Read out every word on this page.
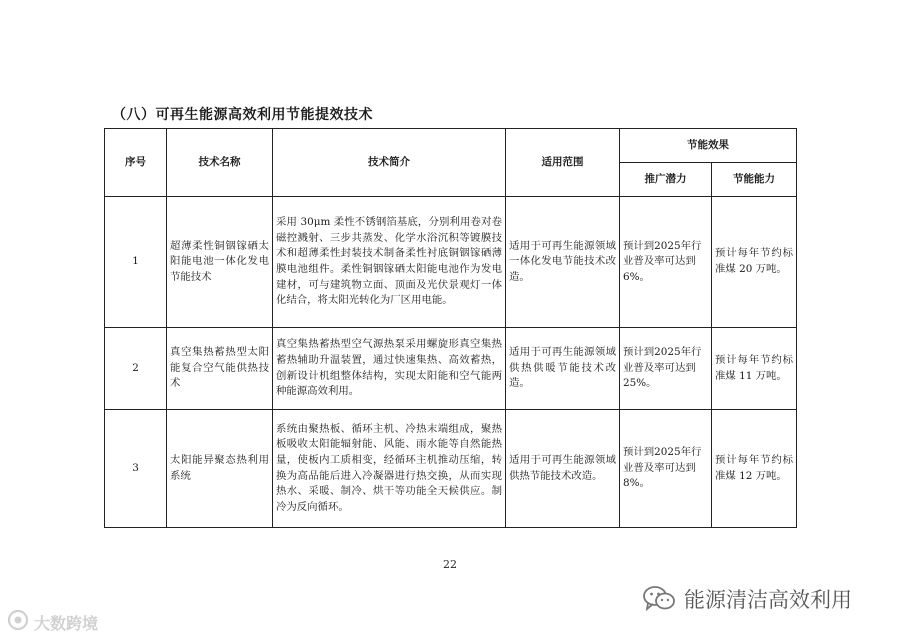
（八）可再生能源高效利用节能提效技术
序号	技术名称	技术简介	适用范围	节能效果	
				推广潜力	节能能力
1	超薄柔性铜铟镓硒太阳能电池一体化发电节能技术	采用 30μm 柔性不锈钢箔基底，分别利用卷对卷磁控溅射、三步共蒸发、化学水浴沉积等镀膜技术和超薄柔性封装技术制备柔性衬底铜铟镓硒薄膜电池组件。柔性铜铟镓硒太阳能电池作为发电建材，可与建筑物立面、顶面及光伏景观灯一体化结合，将太阳光转化为厂区用电能。	适用于可再生能源领域一体化发电节能技术改造。	预计到2025年行业普及率可达到6%。	预计每年节约标准煤 20 万吨。
2	真空集热蓄热型太阳能复合空气能供热技术	真空集热蓄热型空气源热泵采用螺旋形真空集热蓄热辅助升温装置，通过快速集热、高效蓄热，创新设计机组整体结构，实现太阳能和空气能两种能源高效利用。	适用于可再生能源领域供热供暖节能技术改造。	预计到2025年行业普及率可达到25%。	预计每年节约标准煤 11 万吨。
3	太阳能异聚态热利用系统	系统由聚热板、循环主机、冷热末端组成，聚热板吸收太阳能辐射能、风能、雨水能等自然能热量，使板内工质相变，经循环主机推动压缩，转换为高品能后进入冷凝器进行热交换，从而实现热水、采暖、制冷、烘干等功能全天候供应。制冷为反向循环。	适用于可再生能源领域供热节能技术改造。	预计到2025年行业普及率可达到8%。	预计每年节约标准煤 12 万吨。
22
大数跨境
能源清洁高效利用
